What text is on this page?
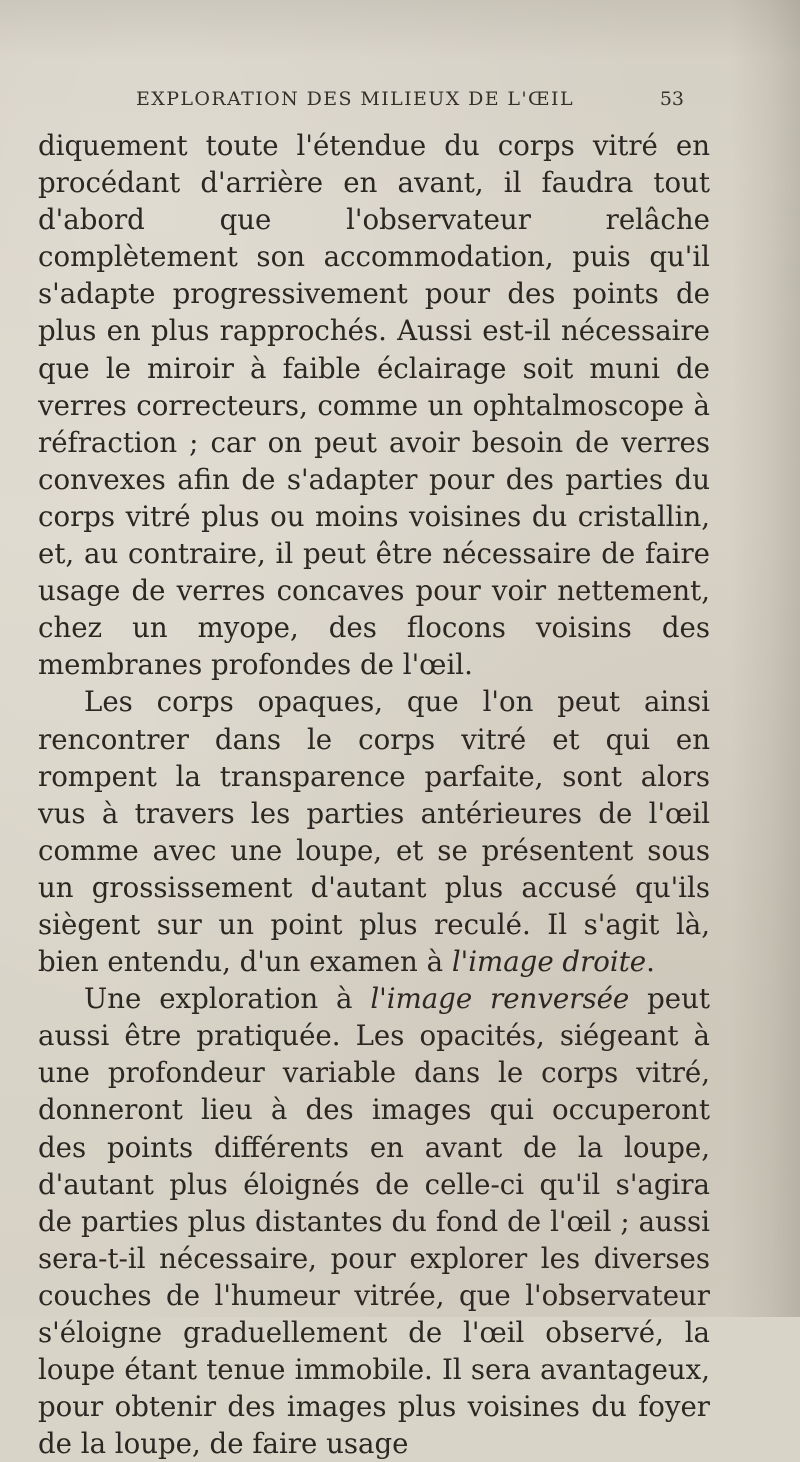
EXPLORATION DES MILIEUX DE L'ŒIL	53

diquement toute l'étendue du corps vitré en procédant d'arrière en avant, il faudra tout d'abord que l'observateur relâche complètement son accommodation, puis qu'il s'adapte progressivement pour des points de plus en plus rapprochés. Aussi est-il nécessaire que le miroir à faible éclairage soit muni de verres correcteurs, comme un ophtalmoscope à réfraction ; car on peut avoir besoin de verres convexes afin de s'adapter pour des parties du corps vitré plus ou moins voisines du cristallin, et, au contraire, il peut être nécessaire de faire usage de verres concaves pour voir nettement, chez un myope, des flocons voisins des membranes profondes de l'œil.

Les corps opaques, que l'on peut ainsi rencontrer dans le corps vitré et qui en rompent la transparence parfaite, sont alors vus à travers les parties antérieures de l'œil comme avec une loupe, et se présentent sous un grossissement d'autant plus accusé qu'ils siègent sur un point plus reculé. Il s'agit là, bien entendu, d'un examen à l'image droite.

Une exploration à l'image renversée peut aussi être pratiquée. Les opacités, siégeant à une profondeur variable dans le corps vitré, donneront lieu à des images qui occuperont des points différents en avant de la loupe, d'autant plus éloignés de celle-ci qu'il s'agira de parties plus distantes du fond de l'œil ; aussi sera-t-il nécessaire, pour explorer les diverses couches de l'humeur vitrée, que l'observateur s'éloigne graduellement de l'œil observé, la loupe étant tenue immobile. Il sera avantageux, pour obtenir des images plus voisines du foyer de la loupe, de faire usage
